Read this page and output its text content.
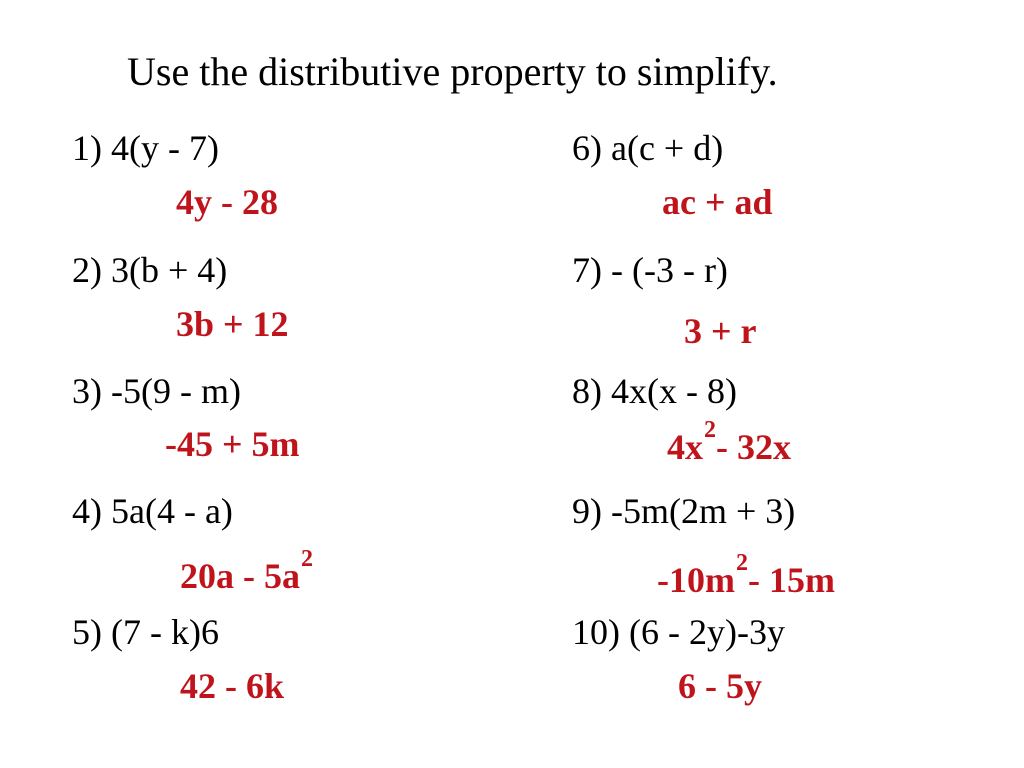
Use the distributive property to simplify.
1) 4(y - 7)
4y - 28
2) 3(b + 4)
3b + 12
3) -5(9 - m)
-45 + 5m
4) 5a(4 - a)
$20a - 5a^2$
5) (7 - k)6
42 - 6k
6) a(c + d)
ac + ad
7) - (-3 - r)
3 + r
8) 4x(x - 8)
$4x^2-$ 32x
9) -5m(2m + 3)
$-10m^2-$ 15m
10) (6 - 2y)-3y
6 - 5y
